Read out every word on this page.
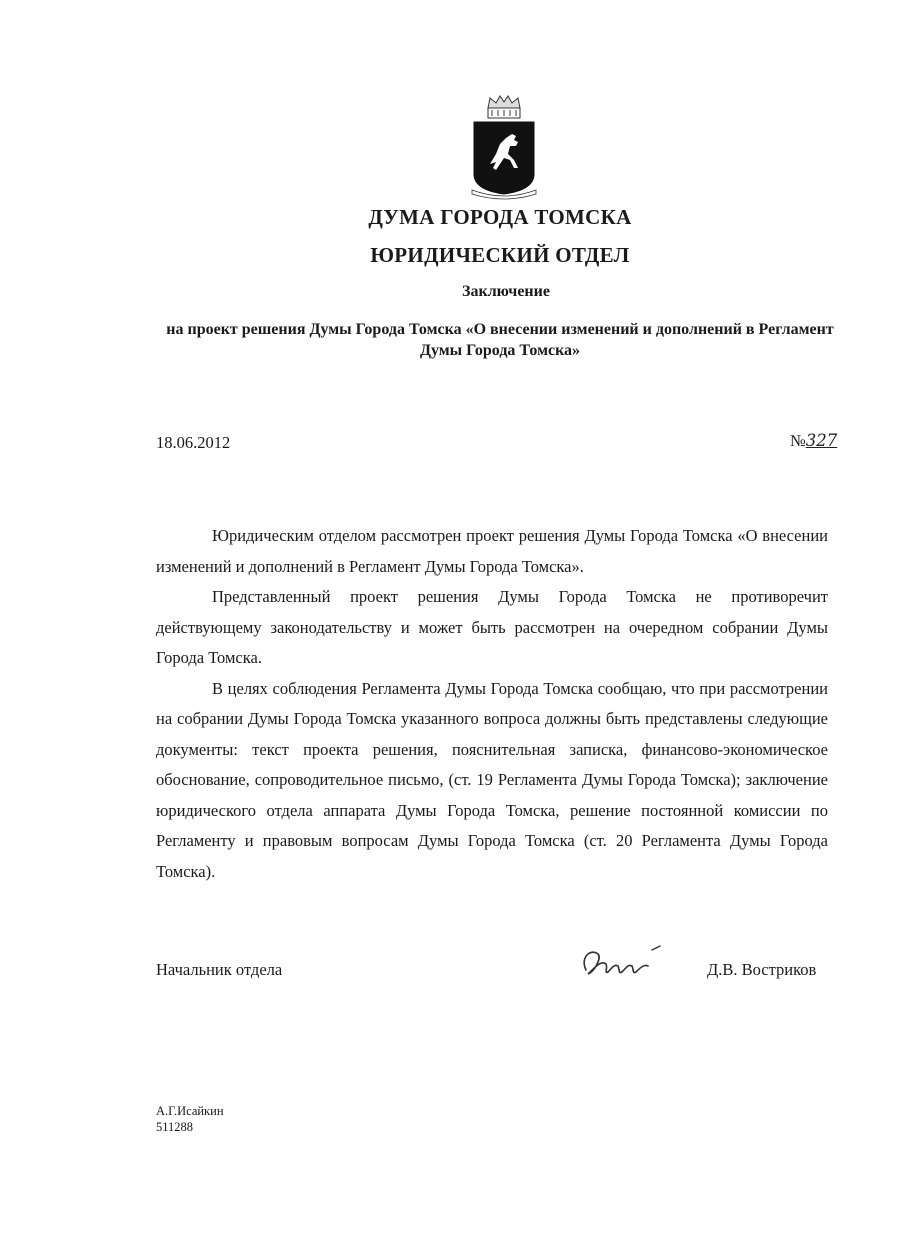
ДУМА ГОРОДА ТОМСКА
ЮРИДИЧЕСКИЙ ОТДЕЛ
Заключение
на проект решения Думы Города Томска «О внесении изменений и дополнений в Регламент Думы Города Томска»
18.06.2012	№327

Юридическим отделом рассмотрен проект решения Думы Города Томска «О внесении изменений и дополнений в Регламент Думы Города Томска».

Представленный проект решения Думы Города Томска не противоречит действующему законодательству и может быть рассмотрен на очередном собрании Думы Города Томска.

В целях соблюдения Регламента Думы Города Томска сообщаю, что при рассмотрении на собрании Думы Города Томска указанного вопроса должны быть представлены следующие документы: текст проекта решения, пояснительная записка, финансово-экономическое обоснование, сопроводительное письмо, (ст. 19 Регламента Думы Города Томска); заключение юридического отдела аппарата Думы Города Томска, решение постоянной комиссии по Регламенту и правовым вопросам Думы Города Томска (ст. 20 Регламента Думы Города Томска).

Начальник отдела	Д.В. Востриков
А.Г.Исайкин
511288
